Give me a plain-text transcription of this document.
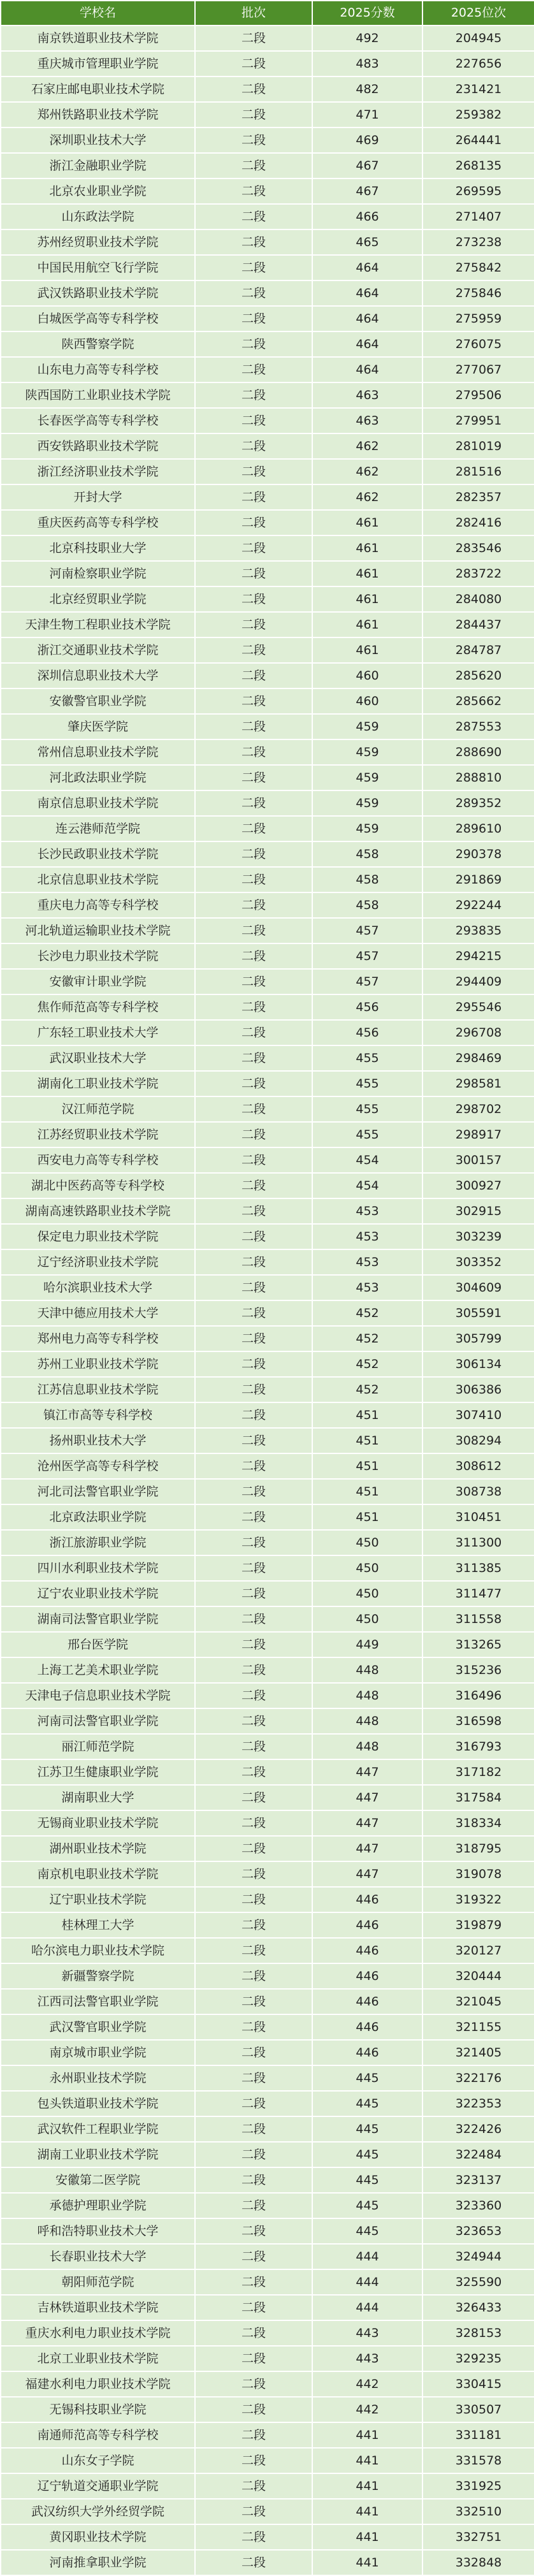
学校名	批次	2025分数	2025位次
南京铁道职业技术学院	二段	492	204945
重庆城市管理职业学院	二段	483	227656
石家庄邮电职业技术学院	二段	482	231421
郑州铁路职业技术学院	二段	471	259382
深圳职业技术大学	二段	469	264441
浙江金融职业学院	二段	467	268135
北京农业职业学院	二段	467	269595
山东政法学院	二段	466	271407
苏州经贸职业技术学院	二段	465	273238
中国民用航空飞行学院	二段	464	275842
武汉铁路职业技术学院	二段	464	275846
白城医学高等专科学校	二段	464	275959
陕西警察学院	二段	464	276075
山东电力高等专科学校	二段	464	277067
陕西国防工业职业技术学院	二段	463	279506
长春医学高等专科学校	二段	463	279951
西安铁路职业技术学院	二段	462	281019
浙江经济职业技术学院	二段	462	281516
开封大学	二段	462	282357
重庆医药高等专科学校	二段	461	282416
北京科技职业大学	二段	461	283546
河南检察职业学院	二段	461	283722
北京经贸职业学院	二段	461	284080
天津生物工程职业技术学院	二段	461	284437
浙江交通职业技术学院	二段	461	284787
深圳信息职业技术大学	二段	460	285620
安徽警官职业学院	二段	460	285662
肇庆医学院	二段	459	287553
常州信息职业技术学院	二段	459	288690
河北政法职业学院	二段	459	288810
南京信息职业技术学院	二段	459	289352
连云港师范学院	二段	459	289610
长沙民政职业技术学院	二段	458	290378
北京信息职业技术学院	二段	458	291869
重庆电力高等专科学校	二段	458	292244
河北轨道运输职业技术学院	二段	457	293835
长沙电力职业技术学院	二段	457	294215
安徽审计职业学院	二段	457	294409
焦作师范高等专科学校	二段	456	295546
广东轻工职业技术大学	二段	456	296708
武汉职业技术大学	二段	455	298469
湖南化工职业技术学院	二段	455	298581
汉江师范学院	二段	455	298702
江苏经贸职业技术学院	二段	455	298917
西安电力高等专科学校	二段	454	300157
湖北中医药高等专科学校	二段	454	300927
湖南高速铁路职业技术学院	二段	453	302915
保定电力职业技术学院	二段	453	303239
辽宁经济职业技术学院	二段	453	303352
哈尔滨职业技术大学	二段	453	304609
天津中德应用技术大学	二段	452	305591
郑州电力高等专科学校	二段	452	305799
苏州工业职业技术学院	二段	452	306134
江苏信息职业技术学院	二段	452	306386
镇江市高等专科学校	二段	451	307410
扬州职业技术大学	二段	451	308294
沧州医学高等专科学校	二段	451	308612
河北司法警官职业学院	二段	451	308738
北京政法职业学院	二段	451	310451
浙江旅游职业学院	二段	450	311300
四川水利职业技术学院	二段	450	311385
辽宁农业职业技术学院	二段	450	311477
湖南司法警官职业学院	二段	450	311558
邢台医学院	二段	449	313265
上海工艺美术职业学院	二段	448	315236
天津电子信息职业技术学院	二段	448	316496
河南司法警官职业学院	二段	448	316598
丽江师范学院	二段	448	316793
江苏卫生健康职业学院	二段	447	317182
湖南职业大学	二段	447	317584
无锡商业职业技术学院	二段	447	318334
湖州职业技术学院	二段	447	318795
南京机电职业技术学院	二段	447	319078
辽宁职业技术学院	二段	446	319322
桂林理工大学	二段	446	319879
哈尔滨电力职业技术学院	二段	446	320127
新疆警察学院	二段	446	320444
江西司法警官职业学院	二段	446	321045
武汉警官职业学院	二段	446	321155
南京城市职业学院	二段	446	321405
永州职业技术学院	二段	445	322176
包头铁道职业技术学院	二段	445	322353
武汉软件工程职业学院	二段	445	322426
湖南工业职业技术学院	二段	445	322484
安徽第二医学院	二段	445	323137
承德护理职业学院	二段	445	323360
呼和浩特职业技术大学	二段	445	323653
长春职业技术大学	二段	444	324944
朝阳师范学院	二段	444	325590
吉林铁道职业技术学院	二段	444	326433
重庆水利电力职业技术学院	二段	443	328153
北京工业职业技术学院	二段	443	329235
福建水利电力职业技术学院	二段	442	330415
无锡科技职业学院	二段	442	330507
南通师范高等专科学校	二段	441	331181
山东女子学院	二段	441	331578
辽宁轨道交通职业学院	二段	441	331925
武汉纺织大学外经贸学院	二段	441	332510
黄冈职业技术学院	二段	441	332751
河南推拿职业学院	二段	441	332848
